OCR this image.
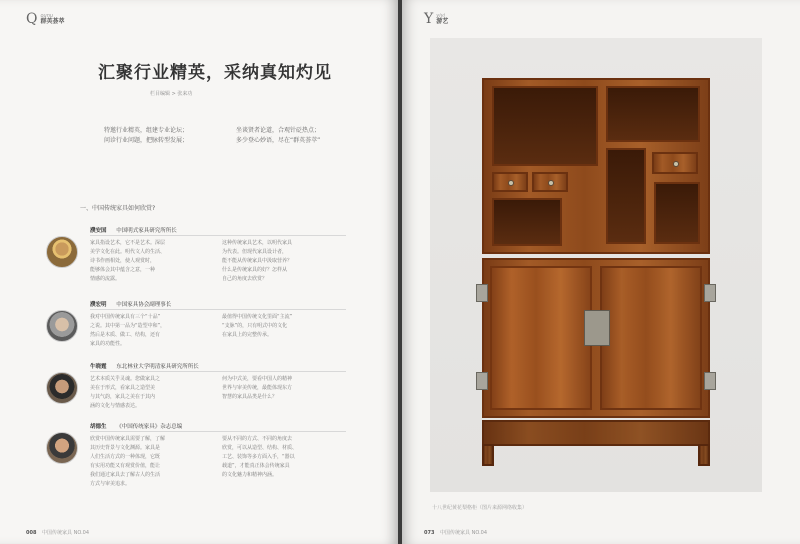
Q ounu
群英荟萃
汇聚行业精英，采纳真知灼见
栏目编辑 > 张来功
特邀行业精英，组建专业论坛；
问诊行业问题，把脉转型发展；
坐谈贤者论道，合观针砭热点；
多少登心妙语，尽在“群英荟萃”
一、中国传统家具如何欣赏?
濮安国 中国明式家具研究所所长
家具指设艺术，它不是艺术。深层
美学文化在此。明代文人的生活、
诗书作画相处，使人观赏时，
能够体会其中蕴含之意，一种
情感的流露。
这种传统家具艺术，以明代家具
为代表。但现代家具设计者，
能不能从传统家具中汲取营养？
什么是传统家具的好？怎样从
自己的角度去欣赏？
濮宏明 中国家具协会副理事长
我对中国传统家具有三个“十品”
之说。其中第一品为“造型中和”，
然后是木质、做工、结构，还有
家具的功能性。
最值得中国传统文化里面“主流”
“支脉”的，只有明式中的文化
在家具上的完整传承。
牛晓霆 东北林业大学明清家具研究所所长
艺术本质关乎灵魂。您做家具之
美在于形式，看家具之造型美
与其气韵，家具之美在于其内
涵的文化与情感表达。
何为中式美，要看中国人的精神
世界与审美传统，最能体现东方
智慧的家具品类是什么？
胡德生 《中国传统家具》杂志总编
欣赏中国传统家具需要了解，了解
其历史背景与文化渊源。家具是
人们生活方式的一种体现，它既
有实用功能又有观赏价值，能让
我们通过家具去了解古人的生活
方式与审美追求。
要从不同的方式、不同的角度去
欣赏，可以从造型、结构、材质、
工艺、装饰等多方面入手，“器以
载道”，才能真正体会传统家具
的文化魅力和精神内涵。
008 中国传统家具 NO.04
Y yiyi
游艺
十八世纪黄花梨格柜（图片来源网络收集）
073 中国传统家具 NO.04
